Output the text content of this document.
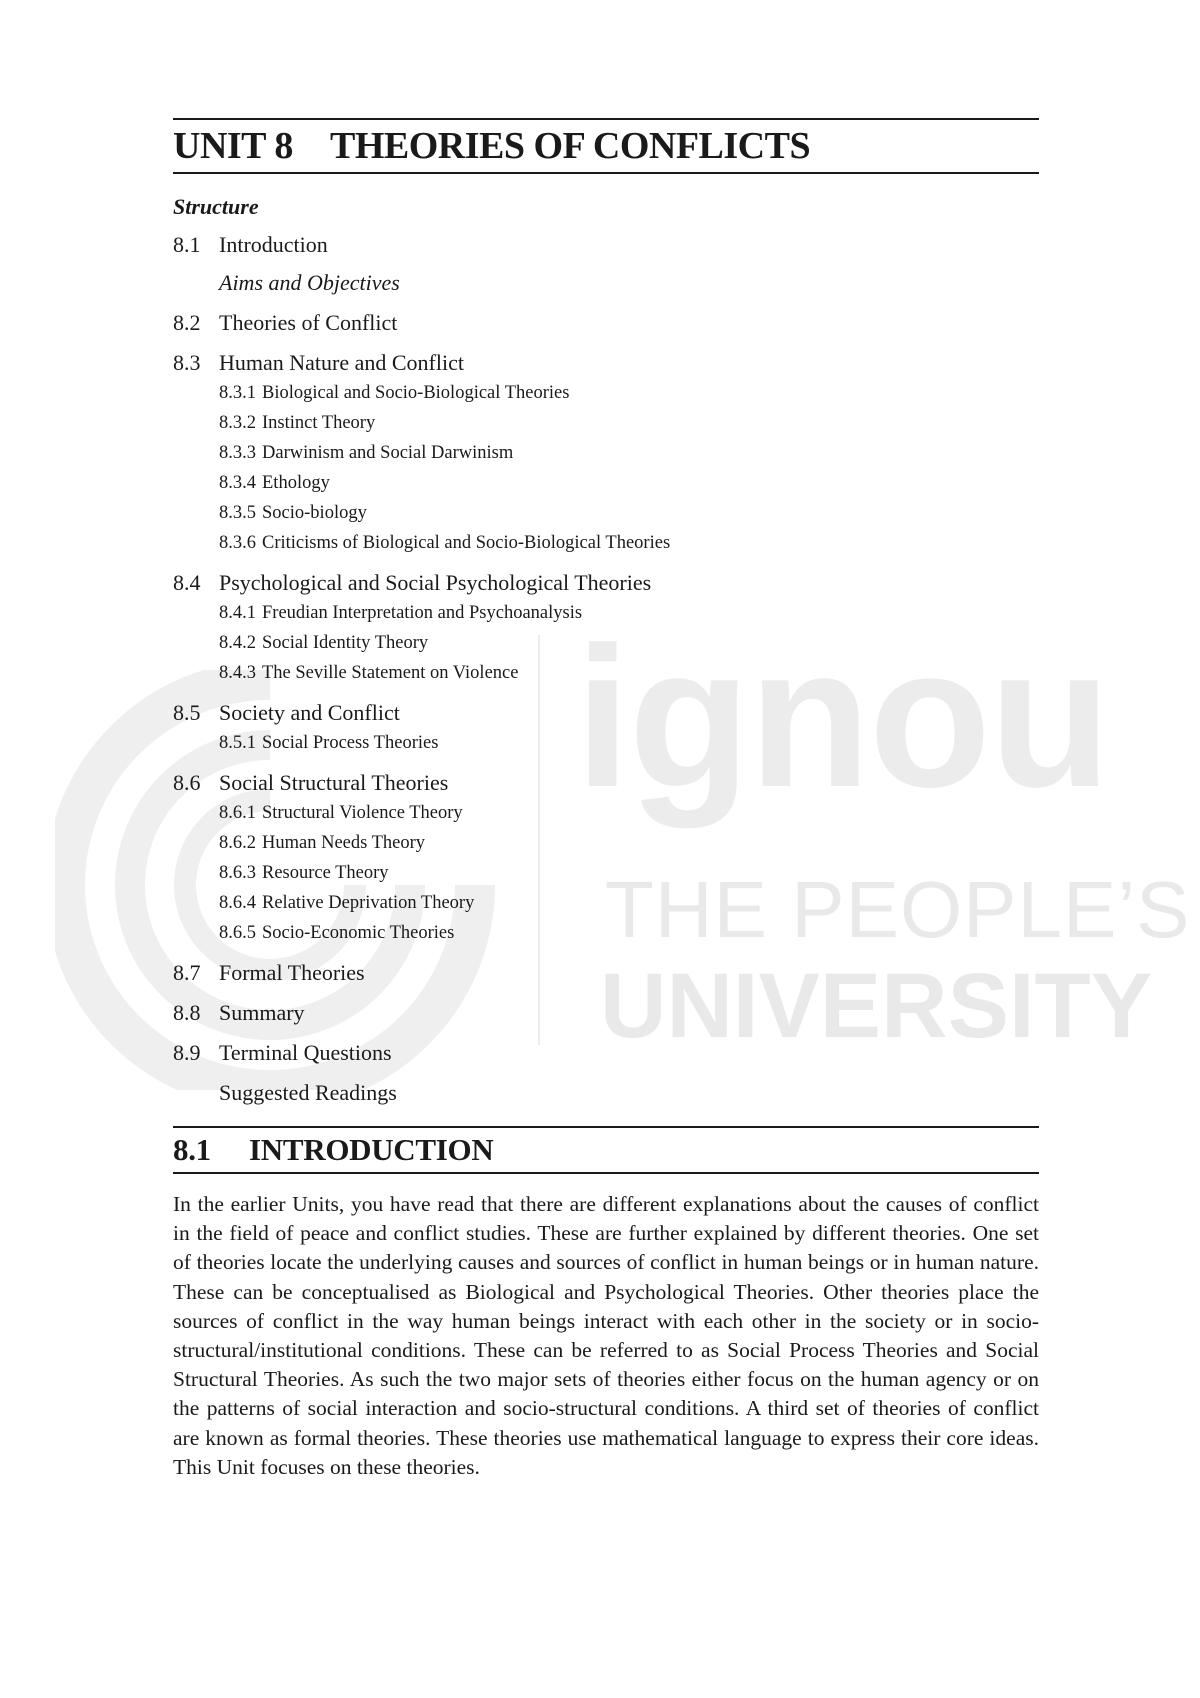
ignou
THE PEOPLE’S
UNIVERSITY
UNIT 8 THEORIES OF CONFLICTS
Structure
8.1 Introduction
Aims and Objectives
8.2 Theories of Conflict
8.3 Human Nature and Conflict
8.3.1 Biological and Socio-Biological Theories
8.3.2 Instinct Theory
8.3.3 Darwinism and Social Darwinism
8.3.4 Ethology
8.3.5 Socio-biology
8.3.6 Criticisms of Biological and Socio-Biological Theories
8.4 Psychological and Social Psychological Theories
8.4.1 Freudian Interpretation and Psychoanalysis
8.4.2 Social Identity Theory
8.4.3 The Seville Statement on Violence
8.5 Society and Conflict
8.5.1 Social Process Theories
8.6 Social Structural Theories
8.6.1 Structural Violence Theory
8.6.2 Human Needs Theory
8.6.3 Resource Theory
8.6.4 Relative Deprivation Theory
8.6.5 Socio-Economic Theories
8.7 Formal Theories
8.8 Summary
8.9 Terminal Questions
Suggested Readings
8.1	INTRODUCTION

In the earlier Units, you have read that there are different explanations about the causes of conflict in the field of peace and conflict studies. These are further explained by different theories. One set of theories locate the underlying causes and sources of conflict in human beings or in human nature. These can be conceptualised as Biological and Psychological Theories. Other theories place the sources of conflict in the way human beings interact with each other in the society or in socio-structural/institutional conditions. These can be referred to as Social Process Theories and Social Structural Theories. As such the two major sets of theories either focus on the human agency or on the patterns of social interaction and socio-structural conditions. A third set of theories of conflict are known as formal theories. These theories use mathematical language to express their core ideas. This Unit focuses on these theories.
